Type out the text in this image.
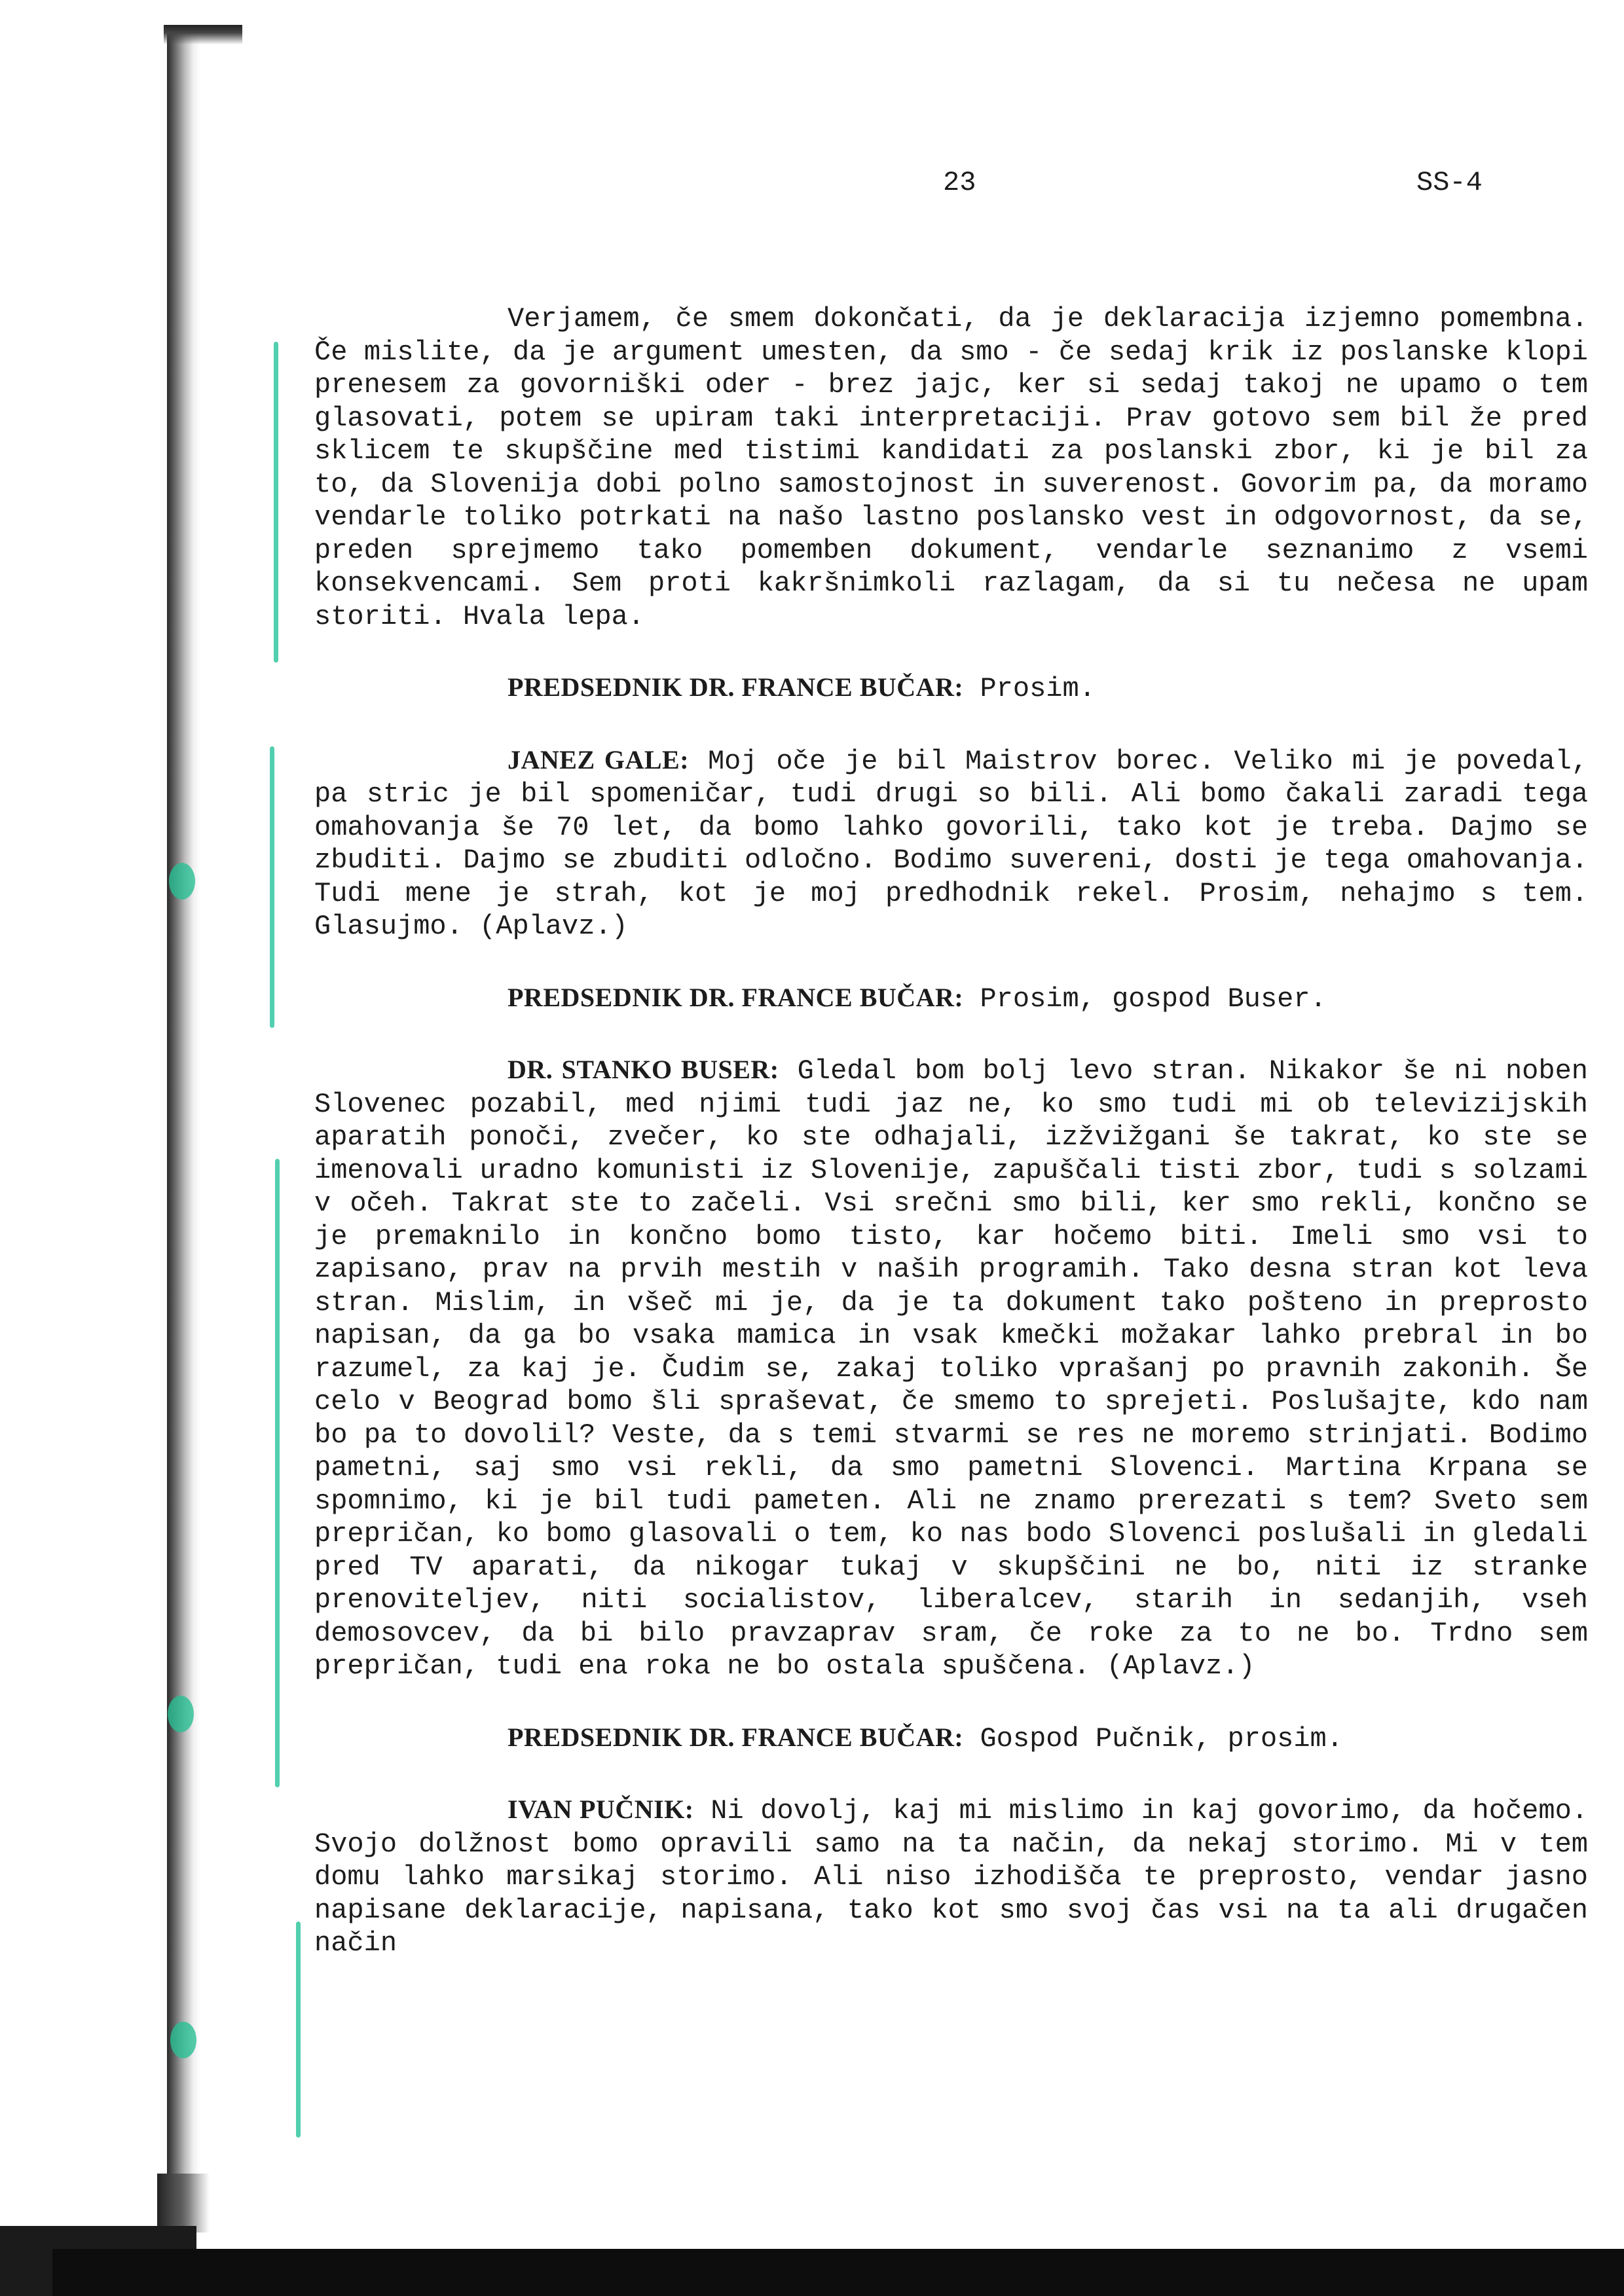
23	SS-4

Verjamem, če smem dokončati, da je deklaracija izjemno pomembna. Če mislite, da je argument umesten, da smo - če sedaj krik iz poslanske klopi prenesem za govorniški oder - brez jajc, ker si sedaj takoj ne upamo o tem glasovati, potem se upiram taki interpretaciji. Prav gotovo sem bil že pred sklicem te skupščine med tistimi kandidati za poslanski zbor, ki je bil za to, da Slovenija dobi polno samostojnost in suverenost. Govorim pa, da moramo vendarle toliko potrkati na našo lastno poslansko vest in odgovornost, da se, preden sprejmemo tako pomemben dokument, vendarle seznanimo z vsemi konsekvencami. Sem proti kakršnimkoli razlagam, da si tu nečesa ne upam storiti. Hvala lepa.

PREDSEDNIK DR. FRANCE BUČAR: Prosim.

JANEZ GALE: Moj oče je bil Maistrov borec. Veliko mi je povedal, pa stric je bil spomeničar, tudi drugi so bili. Ali bomo čakali zaradi tega omahovanja še 70 let, da bomo lahko govorili, tako kot je treba. Dajmo se zbuditi. Dajmo se zbuditi odločno. Bodimo suvereni, dosti je tega omahovanja. Tudi mene je strah, kot je moj predhodnik rekel. Prosim, nehajmo s tem. Glasujmo. (Aplavz.)

PREDSEDNIK DR. FRANCE BUČAR: Prosim, gospod Buser.

DR. STANKO BUSER: Gledal bom bolj levo stran. Nikakor še ni noben Slovenec pozabil, med njimi tudi jaz ne, ko smo tudi mi ob televizijskih aparatih ponoči, zvečer, ko ste odhajali, izžvižgani še takrat, ko ste se imenovali uradno komunisti iz Slovenije, zapuščali tisti zbor, tudi s solzami v očeh. Takrat ste to začeli. Vsi srečni smo bili, ker smo rekli, končno se je premaknilo in končno bomo tisto, kar hočemo biti. Imeli smo vsi to zapisano, prav na prvih mestih v naših programih. Tako desna stran kot leva stran. Mislim, in všeč mi je, da je ta dokument tako pošteno in preprosto napisan, da ga bo vsaka mamica in vsak kmečki možakar lahko prebral in bo razumel, za kaj je. Čudim se, zakaj toliko vprašanj po pravnih zakonih. Še celo v Beograd bomo šli spraševat, če smemo to sprejeti. Poslušajte, kdo nam bo pa to dovolil? Veste, da s temi stvarmi se res ne moremo strinjati. Bodimo pametni, saj smo vsi rekli, da smo pametni Slovenci. Martina Krpana se spomnimo, ki je bil tudi pameten. Ali ne znamo prerezati s tem? Sveto sem prepričan, ko bomo glasovali o tem, ko nas bodo Slovenci poslušali in gledali pred TV aparati, da nikogar tukaj v skupščini ne bo, niti iz stranke prenoviteljev, niti socialistov, liberalcev, starih in sedanjih, vseh demosovcev, da bi bilo pravzaprav sram, če roke za to ne bo. Trdno sem prepričan, tudi ena roka ne bo ostala spuščena. (Aplavz.)

PREDSEDNIK DR. FRANCE BUČAR: Gospod Pučnik, prosim.

IVAN PUČNIK: Ni dovolj, kaj mi mislimo in kaj govorimo, da hočemo. Svojo dolžnost bomo opravili samo na ta način, da nekaj storimo. Mi v tem domu lahko marsikaj storimo. Ali niso izhodišča te preprosto, vendar jasno napisane deklaracije, napisana, tako kot smo svoj čas vsi na ta ali drugačen način
